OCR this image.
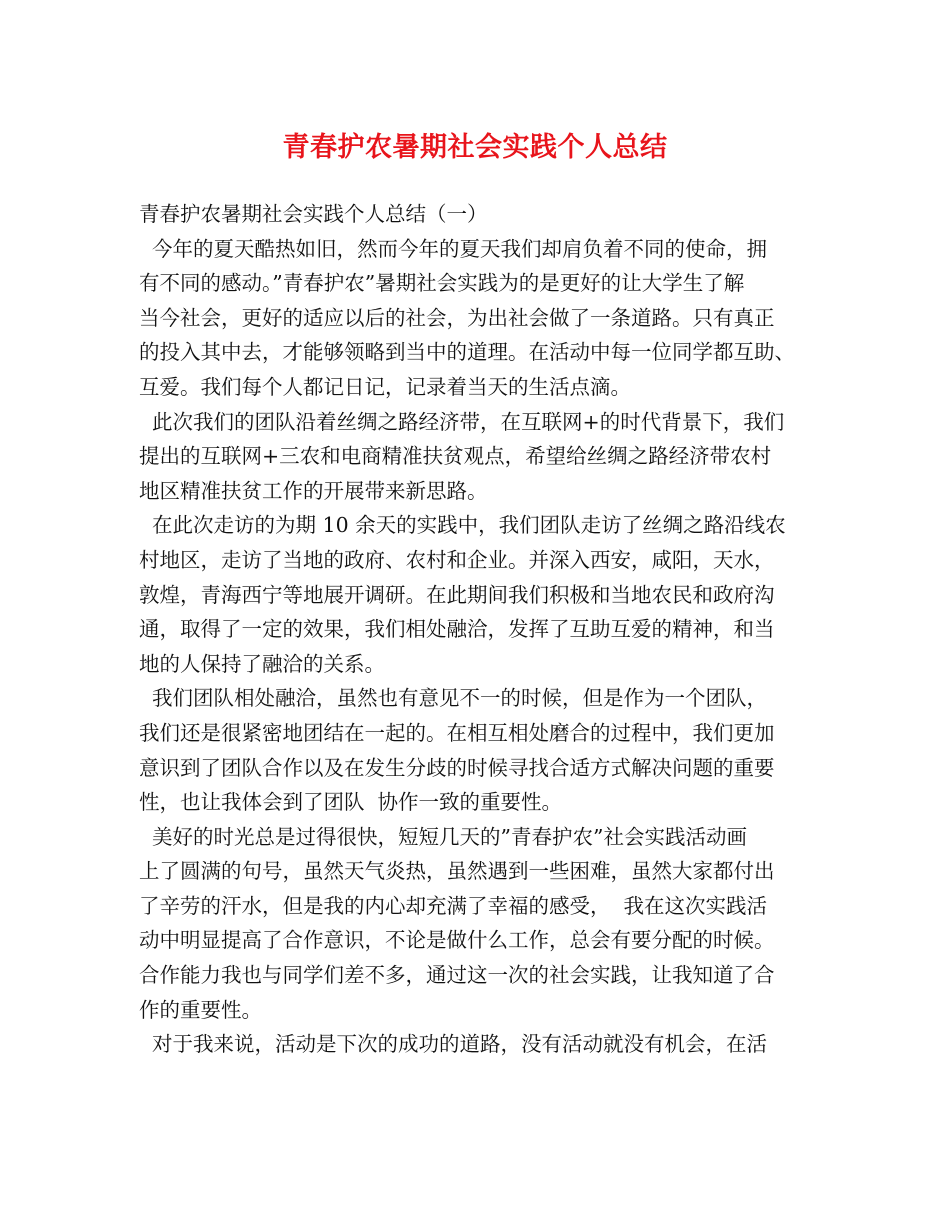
青春护农暑期社会实践个人总结
青春护农暑期社会实践个人总结（一）
今年的夏天酷热如旧，然而今年的夏天我们却肩负着不同的使命，拥
有不同的感动。”青春护农”暑期社会实践为的是更好的让大学生了解
当今社会，更好的适应以后的社会，为出社会做了一条道路。只有真正
的投入其中去，才能够领略到当中的道理。在活动中每一位同学都互助、
互爱。我们每个人都记日记，记录着当天的生活点滴。
此次我们的团队沿着丝绸之路经济带，在互联网+的时代背景下，我们
提出的互联网+三农和电商精准扶贫观点，希望给丝绸之路经济带农村
地区精准扶贫工作的开展带来新思路。
在此次走访的为期 10 余天的实践中，我们团队走访了丝绸之路沿线农
村地区，走访了当地的政府、农村和企业。并深入西安，咸阳，天水，
敦煌，青海西宁等地展开调研。在此期间我们积极和当地农民和政府沟
通，取得了一定的效果，我们相处融洽，发挥了互助互爱的精神，和当
地的人保持了融洽的关系。
我们团队相处融洽，虽然也有意见不一的时候，但是作为一个团队，
我们还是很紧密地团结在一起的。在相互相处磨合的过程中，我们更加
意识到了团队合作以及在发生分歧的时候寻找合适方式解决问题的重要
性，也让我体会到了团队  协作一致的重要性。
美好的时光总是过得很快，短短几天的”青春护农”社会实践活动画
上了圆满的句号，虽然天气炎热，虽然遇到一些困难，虽然大家都付出
了辛劳的汗水，但是我的内心却充满了幸福的感受，  我在这次实践活
动中明显提高了合作意识，不论是做什么工作，总会有要分配的时候。
合作能力我也与同学们差不多，通过这一次的社会实践，让我知道了合
作的重要性。
对于我来说，活动是下次的成功的道路，没有活动就没有机会，在活
